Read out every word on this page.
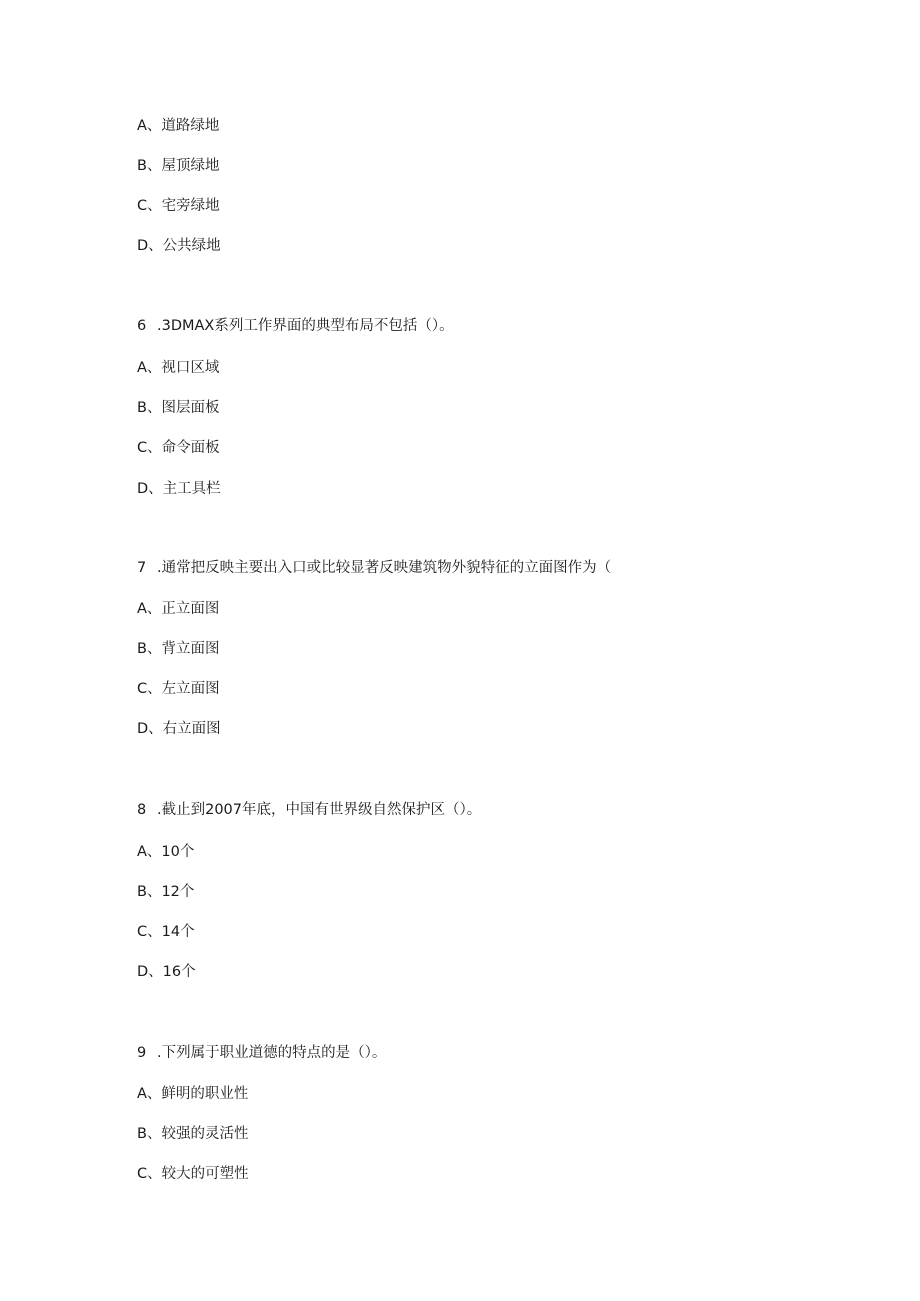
A、道路绿地
B、屋顶绿地
C、宅旁绿地
D、公共绿地
6 .3DMAX系列工作界面的典型布局不包括（）。
A、视口区域
B、图层面板
C、命令面板
D、主工具栏
7 .通常把反映主要出入口或比较显著反映建筑物外貌特征的立面图作为（
A、正立面图
B、背立面图
C、左立面图
D、右立面图
8 .截止到2007年底，中国有世界级自然保护区（）。
A、10个
B、12个
C、14个
D、16个
9 .下列属于职业道德的特点的是（）。
A、鲜明的职业性
B、较强的灵活性
C、较大的可塑性
